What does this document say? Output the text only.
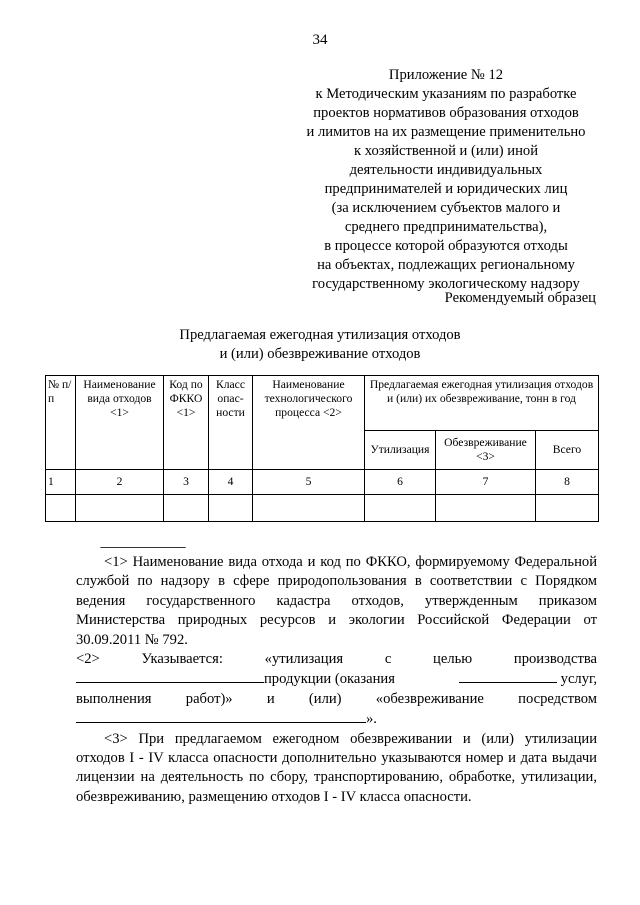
34
Приложение № 12
к Методическим указаниям по разработке
проектов нормативов образования отходов
и лимитов на их размещение применительно
к хозяйственной и (или) иной
деятельности индивидуальных
предпринимателей и юридических лиц
(за исключением субъектов малого и
среднего предпринимательства),
в процессе которой образуются отходы
на объектах, подлежащих региональному
государственному экологическому надзору
Рекомендуемый образец
Предлагаемая ежегодная утилизация отходов
и (или) обезвреживание отходов
№ п/п	Наименование вида отходов <1>	Код по ФККО <1>	Класс опас-ности	Наименование технологического процесса <2>	Предлагаемая ежегодная утилизация отходов и (или) их обезвреживание, тонн в год		
					Утилизация	Обезвреживание <3>	Всего
1	2	3	4	5	6	7	8

--------------------------------

<1> Наименование вида отхода и код по ФККО, формируемому Федеральной службой по надзору в сфере природопользования в соответствии с Порядком ведения государственного кадастра отходов, утвержденным приказом Министерства природных ресурсов и экологии Российской Федерации от 30.09.2011 № 792.

<2> Указывается: «утилизация с целью производства

продукции (оказания	услуг,

выполнения работ)» и (или) «обезвреживание посредством

».

<3> При предлагаемом ежегодном обезвреживании и (или) утилизации отходов I - IV класса опасности дополнительно указываются номер и дата выдачи лицензии на деятельность по сбору, транспортированию, обработке, утилизации, обезвреживанию, размещению отходов I - IV класса опасности.
